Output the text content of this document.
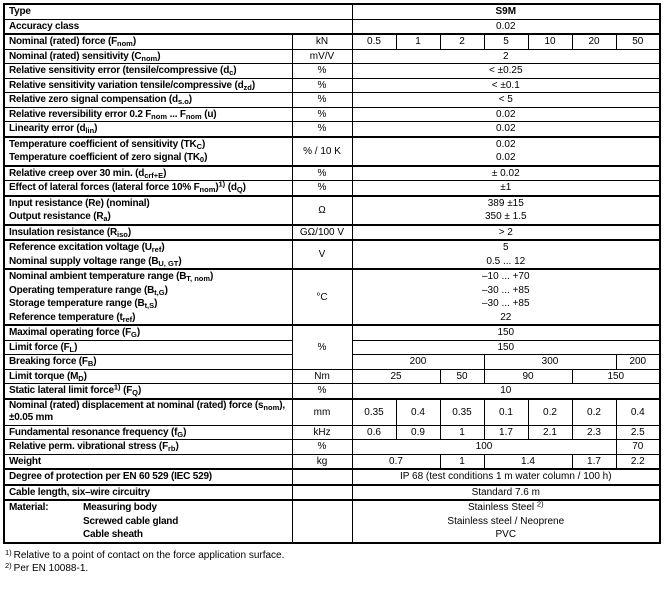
Type		S9M						
Accuracy class		0.02						
Nominal (rated) force $(F_{nom})$	kN	0.5	1	2	5	10	20	50
Nominal (rated) sensitivity $(C_{nom})$	mV/V	2						
Relative sensitivity error (tensile/compressive $(d_c)$	%	< ±0.25						
Relative sensitivity variation tensile/compressive $(d_{zd})$	%	< ±0.1						
Relative zero signal compensation $(d_{s.o})$	%	< 5						
Relative reversibility error 0.2 $F_{nom}$ ... $F_{nom}$ (u)	%	0.02						
Linearity error $(d_{lin})$	%	0.02						
Temperature coefficient of sensitivity $(TK_C)$	% / 10 K	0.02						
Temperature coefficient of zero signal $(TK_0)$		0.02						
Relative creep over 30 min. $(d_{crf+E})$	%	± 0.02						
Effect of lateral forces (lateral force 10% $F_{nom})^{1)}$ $(d_Q)$	%	±1						
Input resistance (Re) (nominal)	Ω	389 ±15						
Output resistance $(R_a)$		350 ± 1.5						
Insulation resistance $(R_{iso})$	GΩ/100 V	> 2						
Reference excitation voltage $(U_{ref})$	V	5						
Nominal supply voltage range $(B_{U, GT})$		0.5 ... 12						
Nominal ambient temperature range $(B_{T, nom})$	°C	–10 ... +70						
Operating temperature range $(B_{t,G})$		–30 ... +85						
Storage temperature range $(B_{t,S})$		–30 ... +85						
Reference temperature $(t_{ref})$		22						
Maximal operating force $(F_G)$	%	150						
Limit force $(F_L)$		150						
Breaking force $(F_B)$		200			300			200
Limit torque $(M_D)$	Nm	25		50	90		150	
Static lateral limit force$^{1)}$ $(F_Q)$	%	10						
Nominal (rated) displacement at nominal (rated) force $(s_{nom})$, ±0.05 mm	mm	0.35	0.4	0.35	0.1	0.2	0.2	0.4
Fundamental resonance frequency $(f_G)$	kHz	0.6	0.9	1	1.7	2.1	2.3	2.5
Relative perm. vibrational stress $(F_{rb})$	%	100						70
Weight	kg	0.7		1	1.4		1.7	2.2
Degree of protection per EN 60 529 (IEC 529)		IP 68 (test conditions 1 m water column / 100 h)						
Cable length, six–wire circuitry		Standard 7.6 m						
Material: Measuring body		Stainless Steel $^{2)}$
Screwed cable gland		Stainless steel / Neoprene						
Cable sheath		PVC						
$^{1)}$ Relative to a point of contact on the force application surface.
$^{2)}$ Per EN 10088-1.
